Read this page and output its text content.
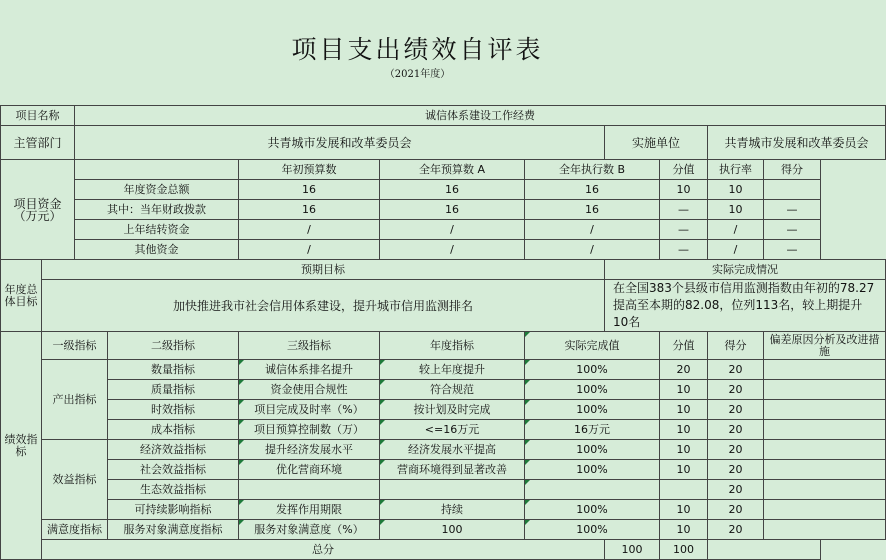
项目支出绩效自评表
（2021年度）
项目名称		诚信体系建设工作经费								
主管部门		共青城市发展和改革委员会					实施单位		共青城市发展和改革委员会	
项目资金（万元）				年初预算数	全年预算数 A	全年执行数 B		分值	执行率	得分
		年度资金总额		16	16	16		10	10	
		其中：当年财政拨款		16	16	16		—	10	—
		上年结转资金		/	/	/		—	/	—
		其他资金		/	/	/		—	/	—
年度总体目标	预期目标						实际完成情况			
	加快推进我市社会信用体系建设，提升城市信用监测排名						在全国383个县级市信用监测指数由年初的78.27提高至本期的82.08，位列113名，较上期提升10名			

绩效指标	一级指标		二级指标	三级指标	年度指标	实际完成值		分值	得分	偏差原因分析及改进措施
	产出指标		数量指标	诚信体系排名提升	较上年度提升	100%		20	20	
			质量指标	资金使用合规性	符合规范	100%		10	20	
			时效指标	项目完成及时率（%）	按计划及时完成	100%		10	20	
			成本指标	项目预算控制数（万）	<=16万元	16万元		10	20	
	效益指标		经济效益指标	提升经济发展水平	经济发展水平提高	100%		10	20	
			社会效益指标	优化营商环境	营商环境得到显著改善	100%		10	20	
			生态效益指标						20	
			可持续影响指标	发挥作用期限	持续	100%		10	20	
	满意度指标		服务对象满意度指标	服务对象满意度（%）	100	100%		10	20	
	总分						100	100		
